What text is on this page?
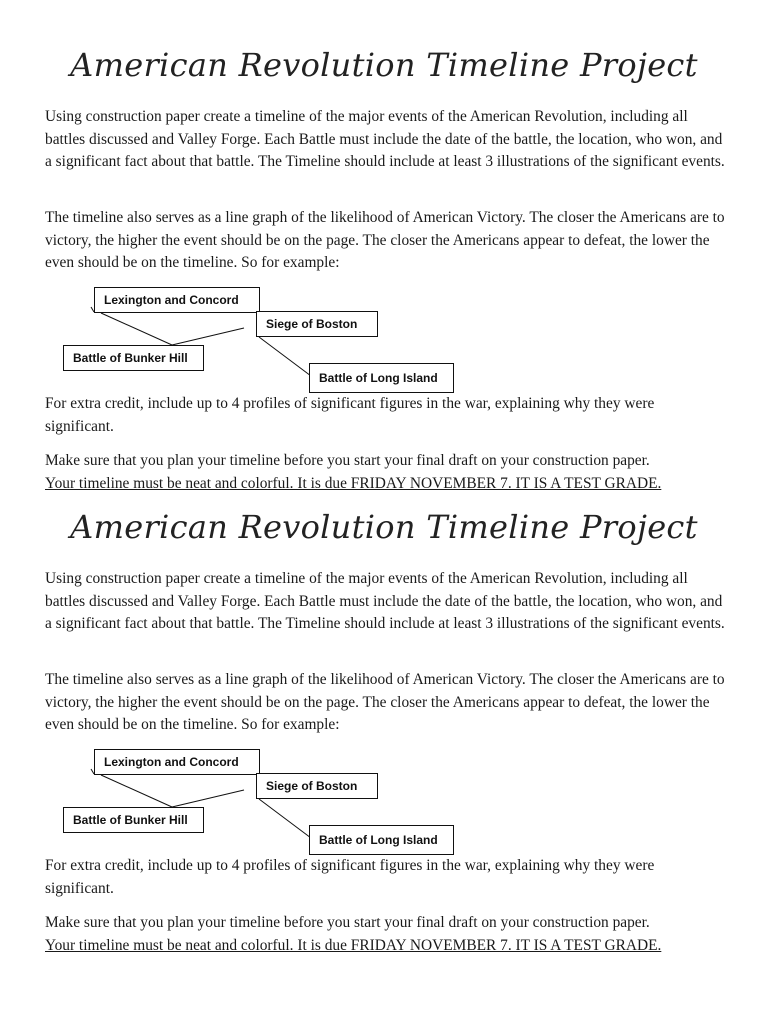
American Revolution Timeline Project

Using construction paper create a timeline of the major events of the American Revolution, including all battles discussed and Valley Forge. Each Battle must include the date of the battle, the location, who won, and a significant fact about that battle. The Timeline should include at least 3 illustrations of the significant events.

The timeline also serves as a line graph of the likelihood of American Victory. The closer the Americans are to victory, the higher the event should be on the page. The closer the Americans appear to defeat, the lower the even should be on the timeline. So for example:

Lexington and Concord
Siege of Boston
Battle of Bunker Hill
Battle of Long Island

For extra credit, include up to 4 profiles of significant figures in the war, explaining why they were significant.

Make sure that you plan your timeline before you start your final draft on your construction paper.
Your timeline must be neat and colorful. It is due FRIDAY NOVEMBER 7. IT IS A TEST GRADE.

American Revolution Timeline Project

Using construction paper create a timeline of the major events of the American Revolution, including all battles discussed and Valley Forge. Each Battle must include the date of the battle, the location, who won, and a significant fact about that battle. The Timeline should include at least 3 illustrations of the significant events.

The timeline also serves as a line graph of the likelihood of American Victory. The closer the Americans are to victory, the higher the event should be on the page. The closer the Americans appear to defeat, the lower the even should be on the timeline. So for example:

Lexington and Concord
Siege of Boston
Battle of Bunker Hill
Battle of Long Island

For extra credit, include up to 4 profiles of significant figures in the war, explaining why they were significant.

Make sure that you plan your timeline before you start your final draft on your construction paper.
Your timeline must be neat and colorful. It is due FRIDAY NOVEMBER 7. IT IS A TEST GRADE.
